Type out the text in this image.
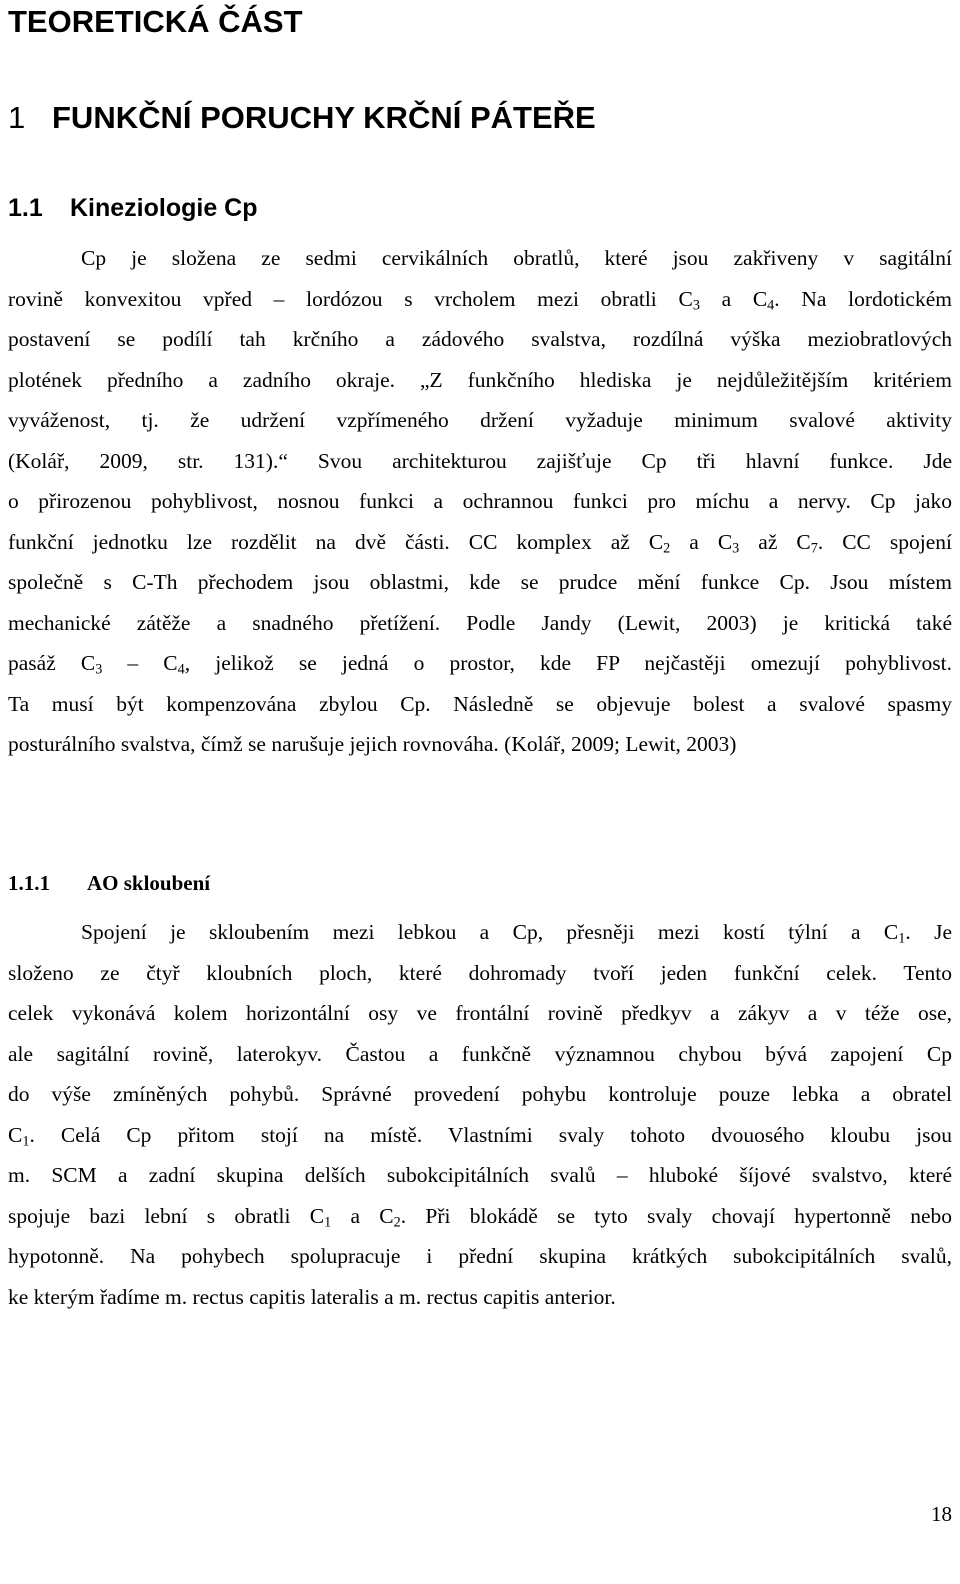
TEORETICKÁ ČÁST
1 FUNKČNÍ PORUCHY KRČNÍ PÁTEŘE
1.1 Kineziologie Cp
Cp je složena ze sedmi cervikálních obratlů, které jsou zakřiveny v sagitální
rovině konvexitou vpřed – lordózou s vrcholem mezi obratli $C_3$ a $C_4$. Na lordotickém
postavení se podílí tah krčního a zádového svalstva, rozdílná výška meziobratlových
plotének předního a zadního okraje. „Z funkčního hlediska je nejdůležitějším kritériem
vyváženost, tj. že udržení vzpřímeného držení vyžaduje minimum svalové aktivity
(Kolář, 2009, str. 131).“ Svou architekturou zajišťuje Cp tři hlavní funkce. Jde
o přirozenou pohyblivost, nosnou funkci a ochrannou funkci pro míchu a nervy. Cp jako
funkční jednotku lze rozdělit na dvě části. CC komplex až $C_2$ a $C_3$ až $C_7$. CC spojení
společně s C-Th přechodem jsou oblastmi, kde se prudce mění funkce Cp. Jsou místem
mechanické zátěže a snadného přetížení. Podle Jandy (Lewit, 2003) je kritická také
pasáž $C_3 - C_4$, jelikož se jedná o prostor, kde FP nejčastěji omezují pohyblivost.
Ta musí být kompenzována zbylou Cp. Následně se objevuje bolest a svalové spasmy
posturálního svalstva, čímž se narušuje jejich rovnováha. (Kolář, 2009; Lewit, 2003)
1.1.1 AO skloubení
Spojení je skloubením mezi lebkou a Cp, přesněji mezi kostí týlní a $C_1$. Je
složeno ze čtyř kloubních ploch, které dohromady tvoří jeden funkční celek. Tento
celek vykonává kolem horizontální osy ve frontální rovině předkyv a zákyv a v téže ose,
ale sagitální rovině, laterokyv. Častou a funkčně významnou chybou bývá zapojení Cp
do výše zmíněných pohybů. Správné provedení pohybu kontroluje pouze lebka a obratel
$C_1$. Celá Cp přitom stojí na místě. Vlastními svaly tohoto dvouosého kloubu jsou
m. SCM a zadní skupina delších subokcipitálních svalů – hluboké šíjové svalstvo, které
spojuje bazi lební s obratli $C_1$ a $C_2$. Při blokádě se tyto svaly chovají hypertonně nebo
hypotonně. Na pohybech spolupracuje i přední skupina krátkých subokcipitálních svalů,
ke kterým řadíme m. rectus capitis lateralis a m. rectus capitis anterior.
18
